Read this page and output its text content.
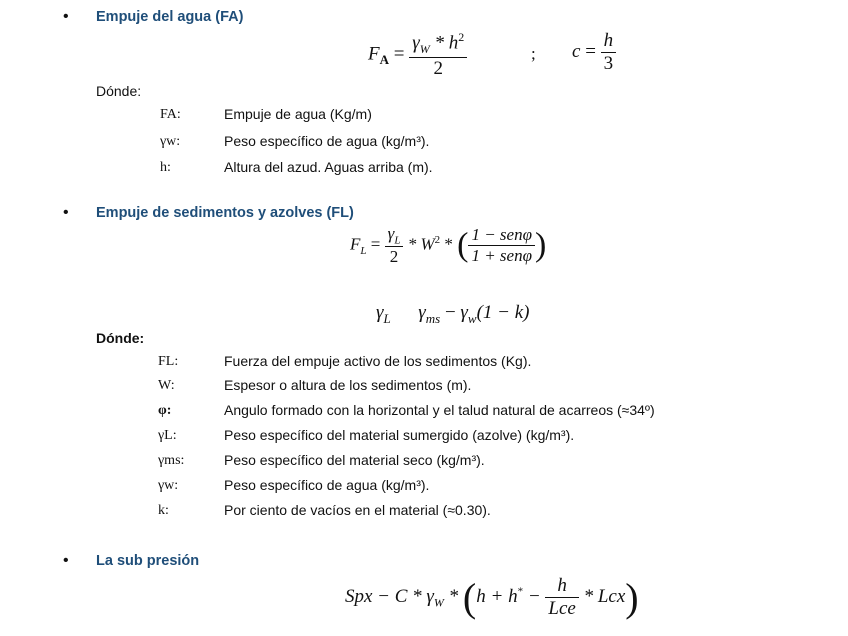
• Empuje del agua (FA)
$F_A = \frac{\gamma_W * h^2}{2}$	; $c = \frac{h}{3}$
Dónde:
FA:	Empuje de agua (Kg/m)
γw:	Peso específico de agua (kg/m³).
h:	Altura del azud. Aguas arriba (m).
• Empuje de sedimentos y azolves (FL)
$F_L = \frac{\gamma_L}{2} * W^2$ * ( $\frac{\text{1 − senφ}}{\text{1 + senφ}}$ )
$\gamma_L$ $\gamma_{ms} - \gamma_w(1 - k)$
Dónde:
FL:	Fuerza del empuje activo de los sedimentos (Kg).
W:	Espesor o altura de los sedimentos (m).
φ:	Angulo formado con la horizontal y el talud natural de acarreos (≈34º)
γL:	Peso específico del material sumergido (azolve) (kg/m³).
γms:	Peso específico del material seco (kg/m³).
γw:	Peso específico de agua (kg/m³).
k:	Por ciento de vacíos en el material (≈0.30).
• La sub presión
Spx − $C * \gamma_W * (h + h^* - \frac{h}{\text{Lce}} * Lcx)$
